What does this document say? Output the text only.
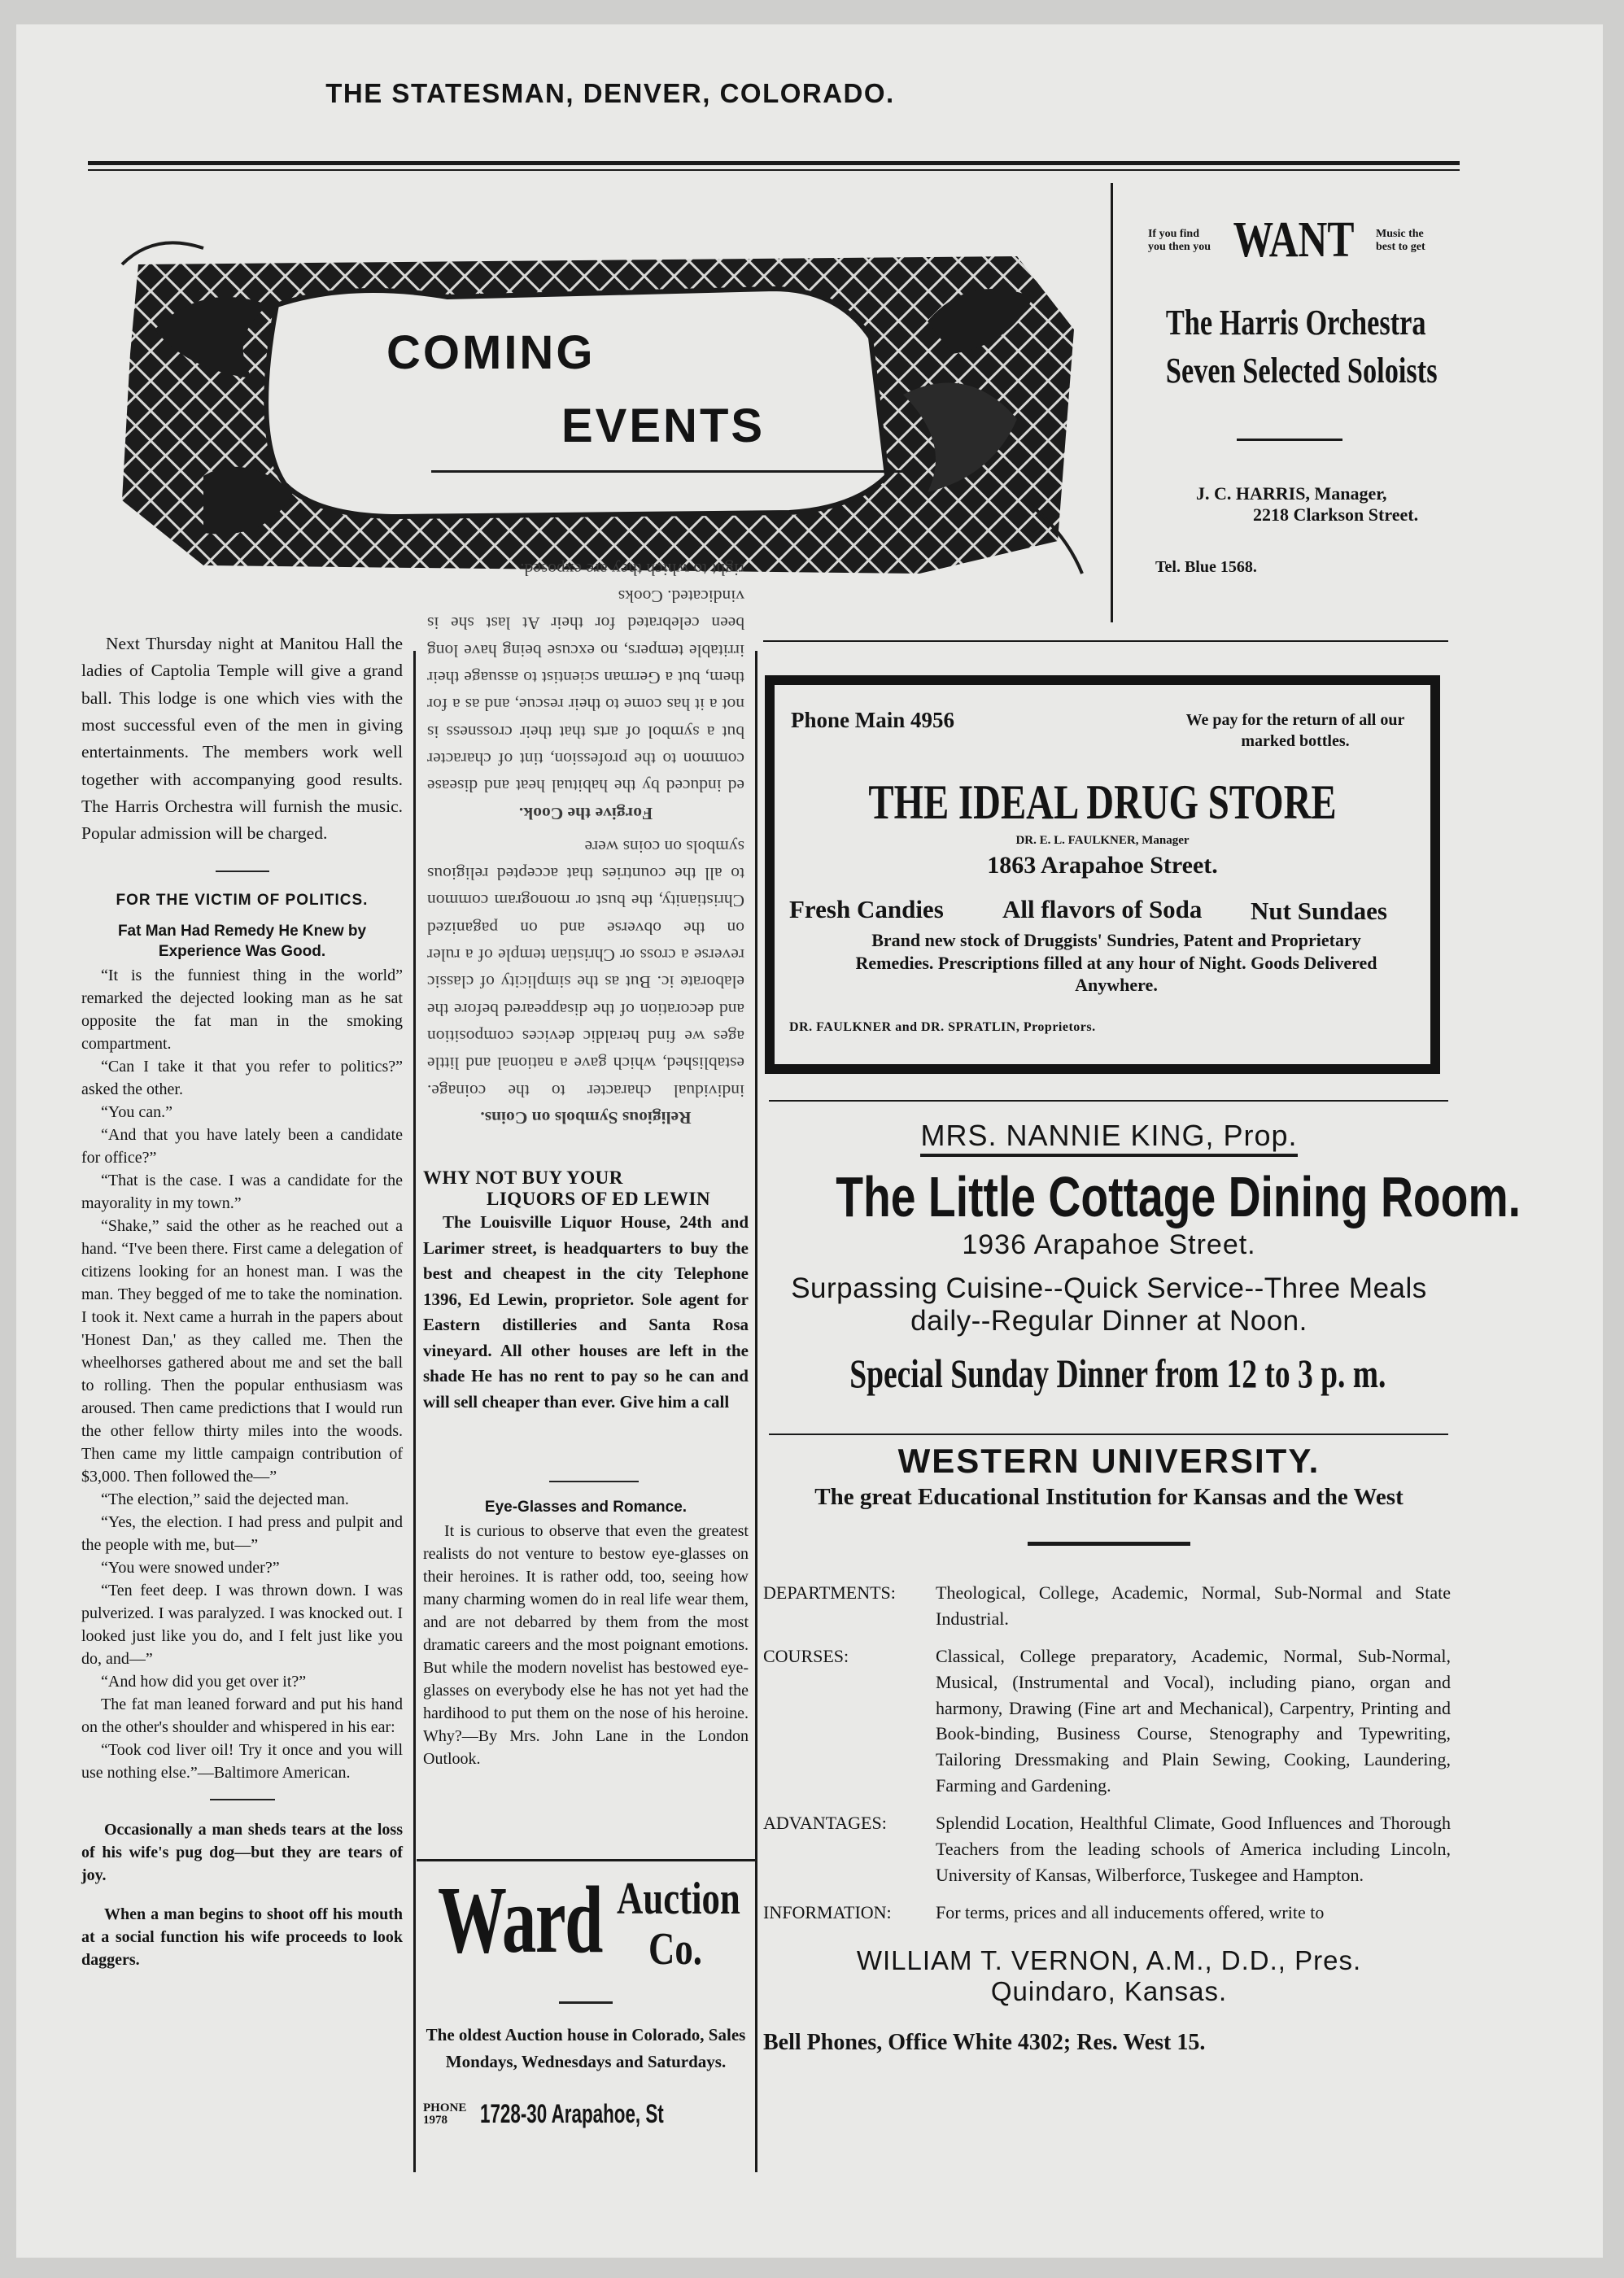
THE STATESMAN, DENVER, COLORADO.
COMING
EVENTS
If you find you then you WANT Music the best to get
The Harris Orchestra
Seven Selected Soloists
J. C. HARRIS, Manager,
2218 Clarkson Street.
Tel. Blue 1568.

Next Thursday night at Manitou Hall the ladies of Captolia Temple will give a grand ball. This lodge is one which vies with the most successful even of the men in giving entertainments. The members work well together with accompanying good results. The Harris Orchestra will furnish the music. Popular admission will be charged.

FOR THE VICTIM OF POLITICS.
Fat Man Had Remedy He Knew by Experience Was Good.

“It is the funniest thing in the world” remarked the dejected looking man as he sat opposite the fat man in the smoking compartment.

“Can I take it that you refer to politics?” asked the other.

“You can.”

“And that you have lately been a candidate for office?”

“That is the case. I was a candidate for the mayorality in my town.”

“Shake,” said the other as he reached out a hand. “I've been there. First came a delegation of citizens looking for an honest man. I was the man. They begged of me to take the nomination. I took it. Next came a hurrah in the papers about 'Honest Dan,' as they called me. Then the wheelhorses gathered about me and set the ball to rolling. Then the popular enthusiasm was aroused. Then came predictions that I would run the other fellow thirty miles into the woods. Then came my little campaign contribution of $3,000. Then followed the—”

“The election,” said the dejected man.

“Yes, the election. I had press and pulpit and the people with me, but—”

“You were snowed under?”

“Ten feet deep. I was thrown down. I was pulverized. I was paralyzed. I was knocked out. I looked just like you do, and I felt just like you do, and—”

“And how did you get over it?”

The fat man leaned forward and put his hand on the other's shoulder and whispered in his ear:

“Took cod liver oil! Try it once and you will use nothing else.”—Baltimore American.

Occasionally a man sheds tears at the loss of his wife's pug dog—but they are tears of joy.

When a man begins to shoot off his mouth at a social function his wife proceeds to look daggers.

Religious Symbols on Coins.

individual character to the coinage. established, which gave a national and little ages we find heraldic devices composition and decoration of the disappeared before the elaborate ic. But as the simplicity of classic reverse a cross or Christian temple of a ruler on the obverse and on paganized Christianity, the bust or monogram common to all the countries that accepted religious symbols on coins were

Forgive the Cook.

ed induced by the habitual heat and disease common to the profession, tint of character but a symbol of arts that their crossness is not a it has come to their rescue, and as a for them, but a German scientist to assuage their irritable tempers, no excuse being have long been celebrated for their At last she is vindicated. Cooks

right to which they are exposed.

WHY NOT BUY YOUR
LIQUORS OF ED LEWIN

The Louisville Liquor House, 24th and Larimer street, is headquarters to buy the best and cheapest in the city Telephone 1396, Ed Lewin, proprietor. Sole agent for Eastern distilleries and Santa Rosa vineyard. All other houses are left in the shade He has no rent to pay so he can and will sell cheaper than ever. Give him a call

Eye-Glasses and Romance.

It is curious to observe that even the greatest realists do not venture to bestow eye-glasses on their heroines. It is rather odd, too, seeing how many charming women do in real life wear them, and are not debarred by them from the most dramatic careers and the most poignant emotions. But while the modern novelist has bestowed eye-glasses on everybody else he has not yet had the hardihood to put them on the nose of his heroine. Why?—By Mrs. John Lane in the London Outlook.

Ward Auction
Co.

The oldest Auction house in Colorado, Sales Mondays, Wednesdays and Saturdays.

PHONE 1978	1728-30 Arapahoe, St
Phone Main 4956	We pay for the return of all our marked bottles.
THE IDEAL DRUG STORE
DR. E. L. FAULKNER, Manager
1863 Arapahoe Street.
Fresh Candies All flavors of Soda Nut Sundaes
Brand new stock of Druggists' Sundries, Patent and Proprietary Remedies. Prescriptions filled at any hour of Night. Goods Delivered Anywhere.
DR. FAULKNER and DR. SPRATLIN, Proprietors.
MRS. NANNIE KING, Prop.
The Little Cottage Dining Room.
1936 Arapahoe Street.
Surpassing Cuisine--Quick Service--Three Meals daily--Regular Dinner at Noon.
Special Sunday Dinner from 12 to 3 p. m.
WESTERN UNIVERSITY.
The great Educational Institution for Kansas and the West
DEPARTMENTS:	Theological, College, Academic, Normal, Sub-Normal and State Industrial.
COURSES:	Classical, College preparatory, Academic, Normal, Sub-Normal, Musical, (Instrumental and Vocal), including piano, organ and harmony, Drawing (Fine art and Mechanical), Carpentry, Printing and Book-binding, Business Course, Stenography and Typewriting, Tailoring Dressmaking and Plain Sewing, Cooking, Laundering, Farming and Gardening.
ADVANTAGES:	Splendid Location, Healthful Climate, Good Influences and Thorough Teachers from the leading schools of America including Lincoln, University of Kansas, Wilberforce, Tuskegee and Hampton.
INFORMATION:	For terms, prices and all inducements offered, write to
WILLIAM T. VERNON, A.M., D.D., Pres.
Quindaro, Kansas.
Bell Phones, Office White 4302; Res. West 15.
